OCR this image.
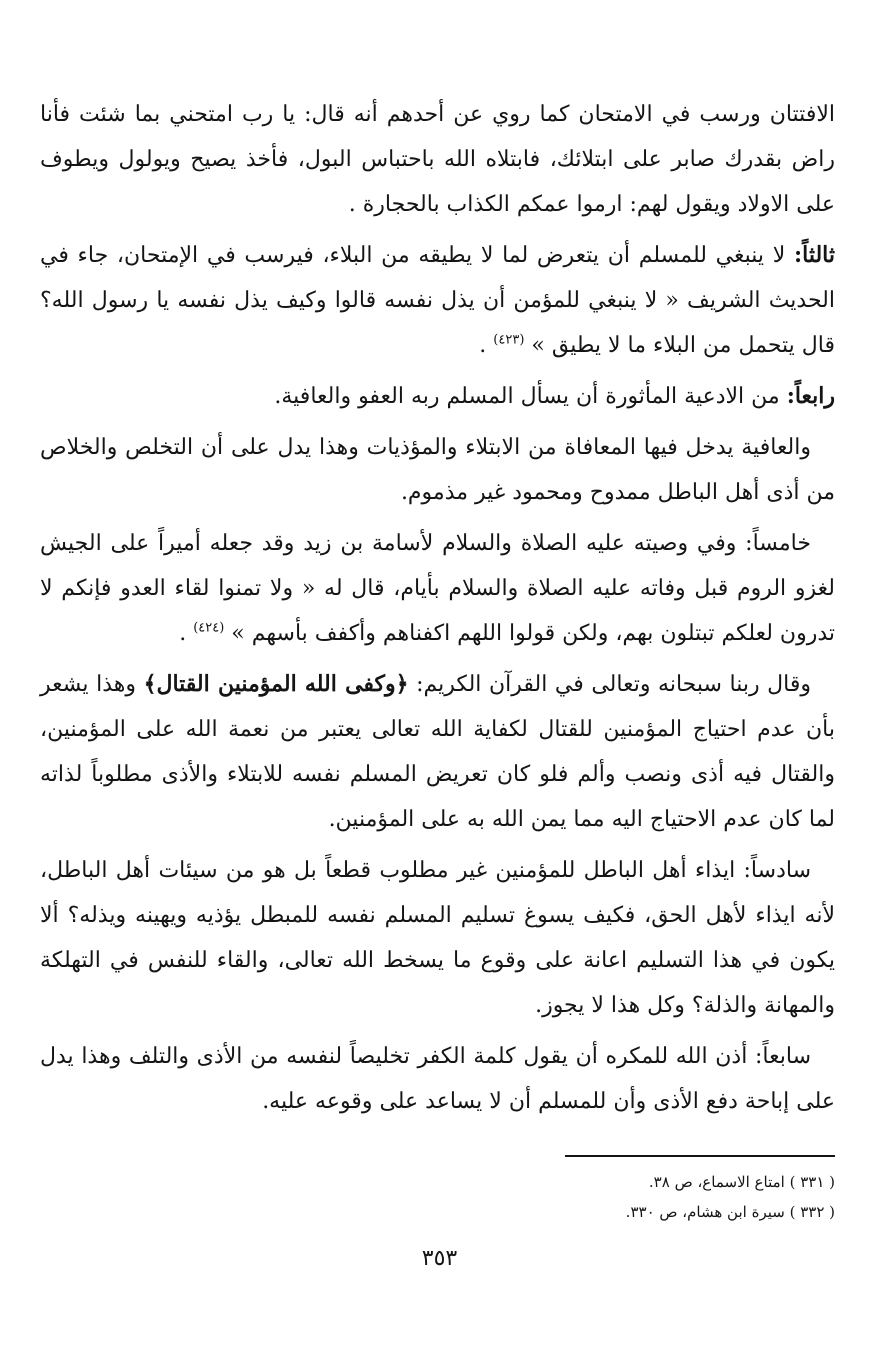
الافتتان ورسب في الامتحان كما روي عن أحدهم أنه قال: يا رب امتحني بما شئت فأنا راض بقدرك صابر على ابتلائك، فابتلاه الله باحتباس البول، فأخذ يصيح ويولول ويطوف على الاولاد ويقول لهم: ارموا عمكم الكذاب بالحجارة .

ثالثاً: لا ينبغي للمسلم أن يتعرض لما لا يطيقه من البلاء، فيرسب في الإمتحان، جاء في الحديث الشريف « لا ينبغي للمؤمن أن يذل نفسه قالوا وكيف يذل نفسه يا رسول الله؟ قال يتحمل من البلاء ما لا يطيق » $^{(٤٢٣)}$ .

رابعاً: من الادعية المأثورة أن يسأل المسلم ربه العفو والعافية.

والعافية يدخل فيها المعافاة من الابتلاء والمؤذيات وهذا يدل على أن التخلص والخلاص من أذى أهل الباطل ممدوح ومحمود غير مذموم.

خامساً: وفي وصيته عليه الصلاة والسلام لأسامة بن زيد وقد جعله أميراً على الجيش لغزو الروم قبل وفاته عليه الصلاة والسلام بأيام، قال له « ولا تمنوا لقاء العدو فإنكم لا تدرون لعلكم تبتلون بهم، ولكن قولوا اللهم اكفناهم وأكفف بأسهم » $^{(٤٢٤)}$ .

وقال ربنا سبحانه وتعالى في القرآن الكريم: ﴿وكفى الله المؤمنين القتال﴾ وهذا يشعر بأن عدم احتياج المؤمنين للقتال لكفاية الله تعالى يعتبر من نعمة الله على المؤمنين، والقتال فيه أذى ونصب وألم فلو كان تعريض المسلم نفسه للابتلاء والأذى مطلوباً لذاته لما كان عدم الاحتياج اليه مما يمن الله به على المؤمنين.

سادساً: ايذاء أهل الباطل للمؤمنين غير مطلوب قطعاً بل هو من سيئات أهل الباطل، لأنه ايذاء لأهل الحق، فكيف يسوغ تسليم المسلم نفسه للمبطل يؤذيه ويهينه ويذله؟ ألا يكون في هذا التسليم اعانة على وقوع ما يسخط الله تعالى، والقاء للنفس في التهلكة والمهانة والذلة؟ وكل هذا لا يجوز.

سابعاً: أذن الله للمكره أن يقول كلمة الكفر تخليصاً لنفسه من الأذى والتلف وهذا يدل على إباحة دفع الأذى وأن للمسلم أن لا يساعد على وقوعه عليه.

( ٣٣١ ) امتاع الاسماع، ص ٣٨.

( ٣٣٢ ) سيرة ابن هشام، ص ٣٣٠.

٣٥٣
